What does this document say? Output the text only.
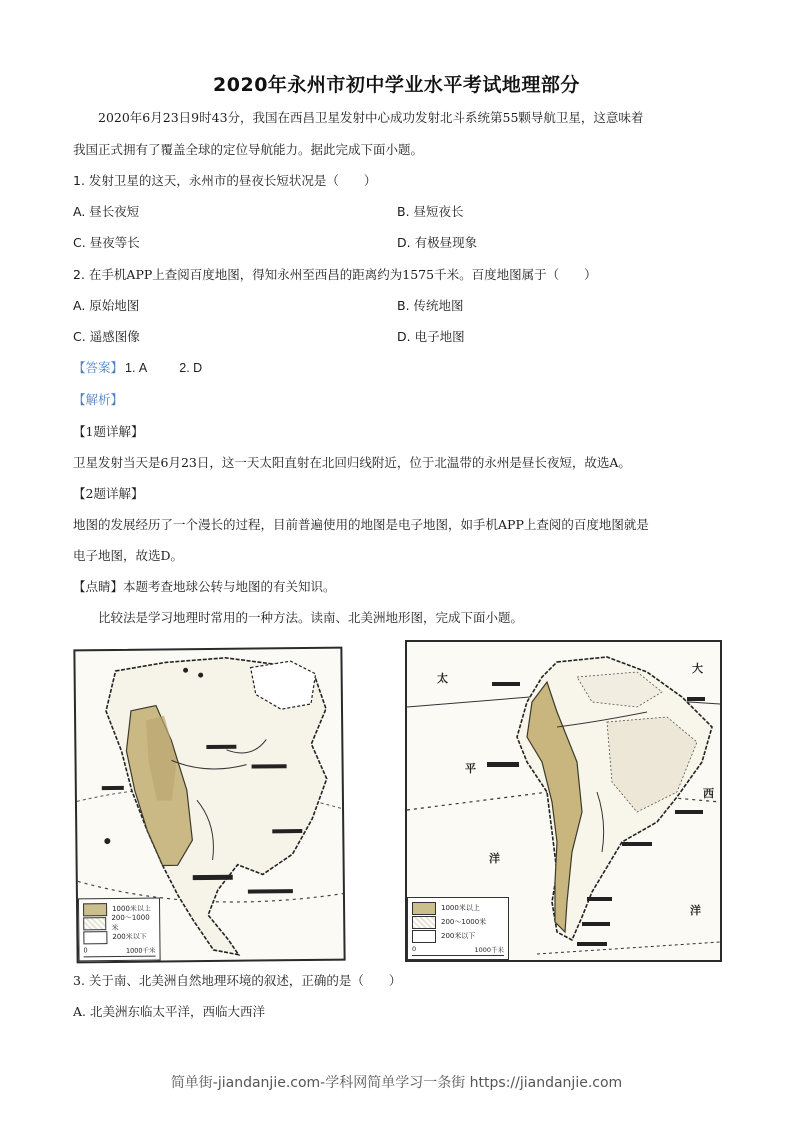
2020年永州市初中学业水平考试地理部分
2020年6月23日9时43分，我国在西昌卫星发射中心成功发射北斗系统第55颗导航卫星，这意味着
我国正式拥有了覆盖全球的定位导航能力。据此完成下面小题。
1. 发射卫星的这天，永州市的昼夜长短状况是（　　）
A. 昼长夜短	B. 昼短夜长
C. 昼夜等长	D. 有极昼现象
2. 在手机APP上查阅百度地图，得知永州至西昌的距离约为1575千米。百度地图属于（　　）
A. 原始地图	B. 传统地图
C. 遥感图像	D. 电子地图
【答案】 1. A	2. D
【解析】
【1题详解】
卫星发射当天是6月23日，这一天太阳直射在北回归线附近，位于北温带的永州是昼长夜短，故选A。
【2题详解】
地图的发展经历了一个漫长的过程，目前普遍使用的地图是电子地图，如手机APP上查阅的百度地图就是
电子地图，故选D。
【点睛】本题考查地球公转与地图的有关知识。
比较法是学习地理时常用的一种方法。读南、北美洲地形图，完成下面小题。
1000米以上
200～1000米
200米以下
0	1000千米
太
平
洋
大
西
洋
1000米以上
200～1000米
200米以下
0	1000千米
3. 关于南、北美洲自然地理环境的叙述，正确的是（　　）
A. 北美洲东临太平洋，西临大西洋
简单街-jiandanjie.com-学科网简单学习一条街 https://jiandanjie.com
